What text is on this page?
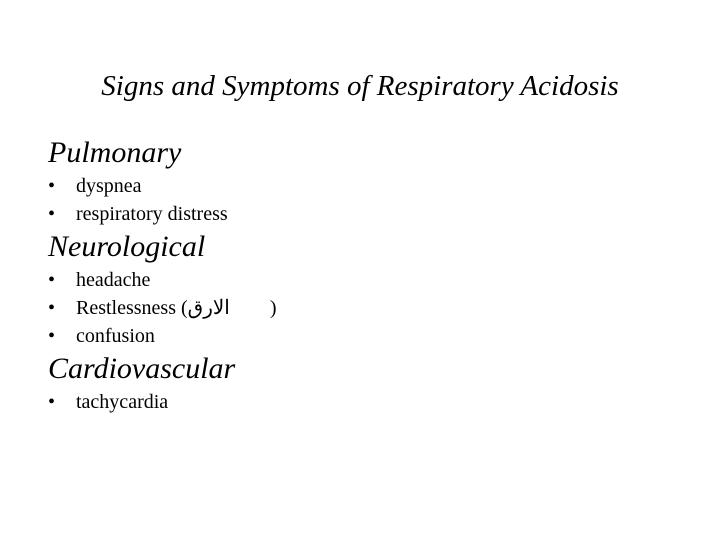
Signs and Symptoms of Respiratory Acidosis
Pulmonary
• dyspnea
• respiratory distress
Neurological
• headache
• Restlessness (الارق )
• confusion
Cardiovascular
• tachycardia
